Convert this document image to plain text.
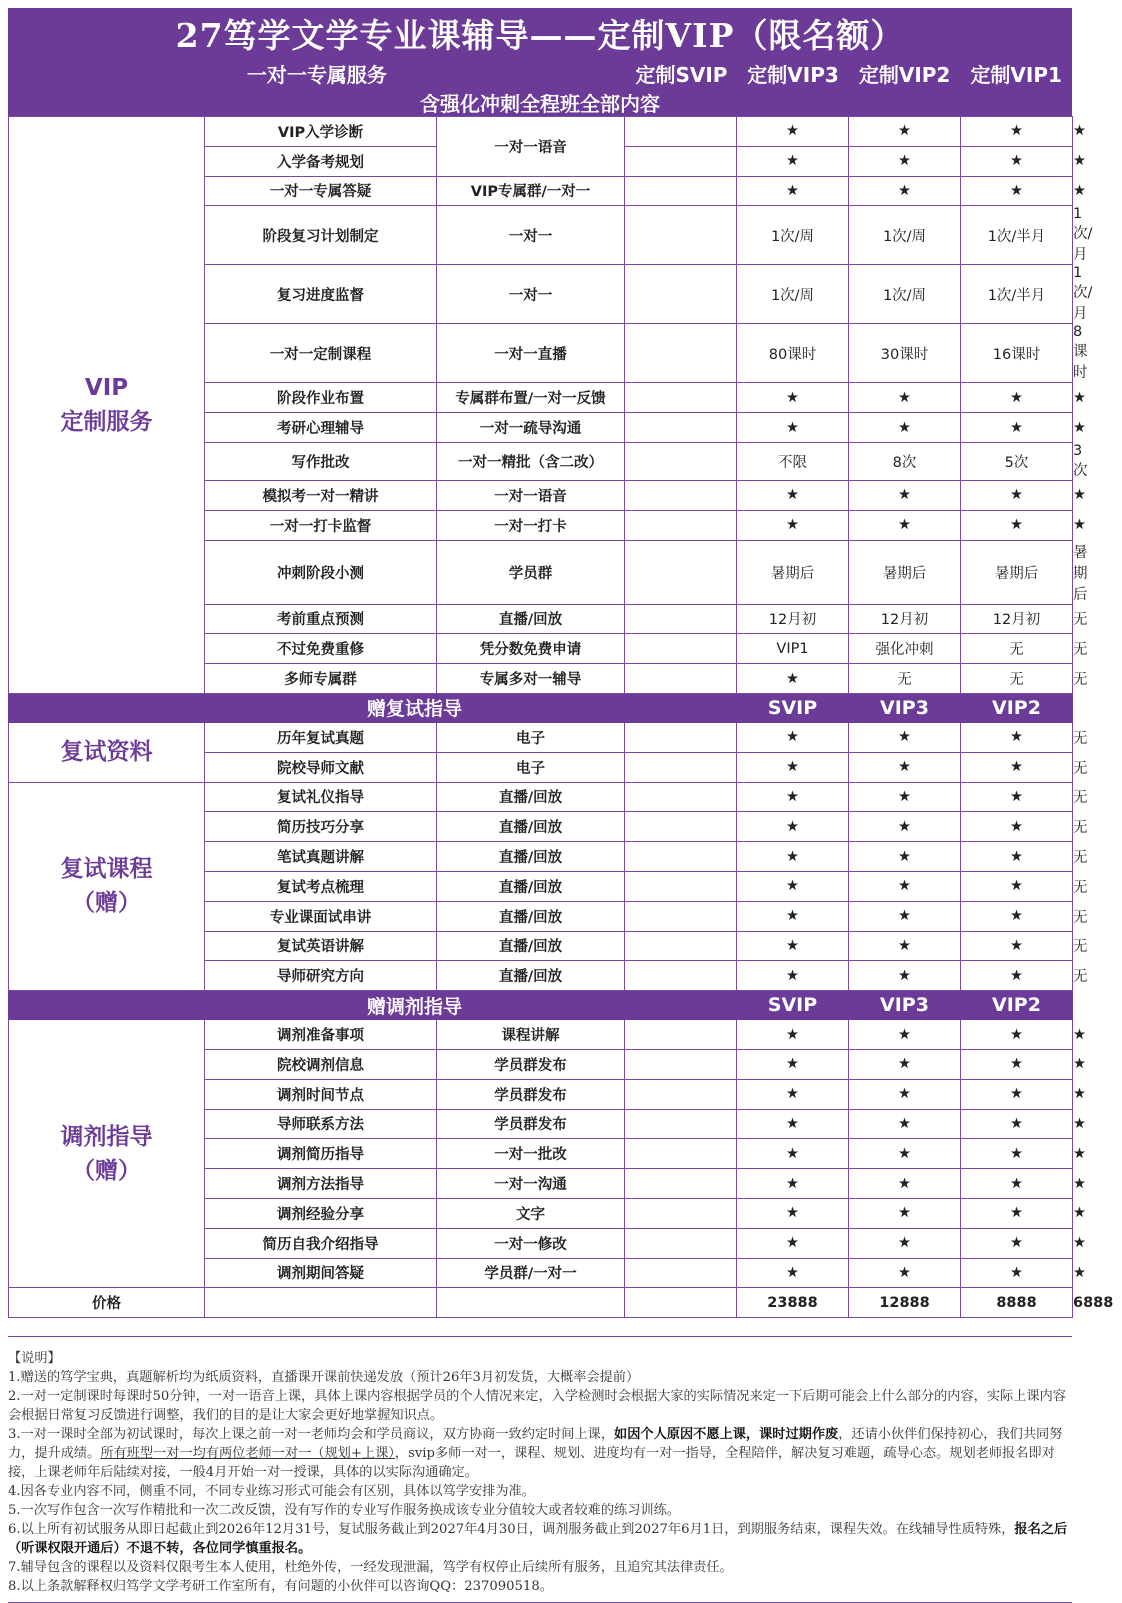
27笃学文学专业课辅导——定制VIP（限名额）
一对一专属服务	定制SVIP 定制VIP3	定制VIP2	定制VIP1
含强化冲刺全程班全部内容
VIP
定制服务	VIP入学诊断	一对一语音		★	★	★	★
	入学备考规划			★	★	★	★
	一对一专属答疑	VIP专属群/一对一		★	★	★	★
	阶段复习计划制定	一对一		1次/周	1次/周	1次/半月	1次/月
	复习进度监督	一对一		1次/周	1次/周	1次/半月	1次/月
	一对一定制课程	一对一直播		80课时	30课时	16课时	8课时
	阶段作业布置	专属群布置/一对一反馈		★	★	★	★
	考研心理辅导	一对一疏导沟通		★	★	★	★
	写作批改	一对一精批（含二改）		不限	8次	5次	3次
	模拟考一对一精讲	一对一语音		★	★	★	★
	一对一打卡监督	一对一打卡		★	★	★	★
	冲刺阶段小测	学员群		暑期后	暑期后	暑期后	暑期后
	考前重点预测	直播/回放		12月初	12月初	12月初	无
	不过免费重修	凭分数免费申请		VIP1	强化冲刺	无	无
	多师专属群	专属多对一辅导		★	无	无	无
	赠复试指导			SVIP	VIP3	VIP2	VIP1

复试资料	历年复试真题	电子		★	★	★	无
	院校导师文献	电子		★	★	★	无

复试课程
（赠）	复试礼仪指导	直播/回放		★	★	★	无
	简历技巧分享	直播/回放		★	★	★	无
	笔试真题讲解	直播/回放		★	★	★	无
	复试考点梳理	直播/回放		★	★	★	无
	专业课面试串讲	直播/回放		★	★	★	无
	复试英语讲解	直播/回放		★	★	★	无
	导师研究方向	直播/回放		★	★	★	无
	赠调剂指导			SVIP	VIP3	VIP2	VIP1

调剂指导
（赠）	调剂准备事项	课程讲解		★	★	★	★
	院校调剂信息	学员群发布		★	★	★	★
	调剂时间节点	学员群发布		★	★	★	★
	导师联系方法	学员群发布		★	★	★	★
	调剂简历指导	一对一批改		★	★	★	★
	调剂方法指导	一对一沟通		★	★	★	★
	调剂经验分享	文字		★	★	★	★
	简历自我介绍指导	一对一修改		★	★	★	★
	调剂期间答疑	学员群/一对一		★	★	★	★
价格				23888	12888	8888	6888

【说明】

1.赠送的笃学宝典，真题解析均为纸质资料，直播课开课前快递发放（预计26年3月初发货，大概率会提前）

2.一对一定制课时每课时50分钟，一对一语音上课，具体上课内容根据学员的个人情况来定，入学检测时会根据大家的实际情况来定一下后期可能会上什么部分的内容，实际上课内容会根据日常复习反馈进行调整，我们的目的是让大家会更好地掌握知识点。

3.一对一课时全部为初试课时，每次上课之前一对一老师均会和学员商议，双方协商一致约定时间上课，如因个人原因不愿上课，课时过期作废，还请小伙伴们保持初心，我们共同努力，提升成绩。所有班型一对一均有两位老师一对一（规划+上课），svip多师一对一，课程、规划、进度均有一对一指导，全程陪伴，解决复习难题，疏导心态。规划老师报名即对接，上课老师年后陆续对接，一般4月开始一对一授课，具体的以实际沟通确定。

4.因各专业内容不同，侧重不同，不同专业练习形式可能会有区别，具体以笃学安排为准。

5.一次写作包含一次写作精批和一次二改反馈，没有写作的专业写作服务换成该专业分值较大或者较难的练习训练。

6.以上所有初试服务从即日起截止到2026年12月31号，复试服务截止到2027年4月30日，调剂服务截止到2027年6月1日，到期服务结束，课程失效。在线辅导性质特殊，报名之后（听课权限开通后）不退不转，各位同学慎重报名。

7.辅导包含的课程以及资料仅限考生本人使用，杜绝外传，一经发现泄漏，笃学有权停止后续所有服务，且追究其法律责任。

8.以上条款解释权归笃学文学考研工作室所有，有问题的小伙伴可以咨询QQ：237090518。
